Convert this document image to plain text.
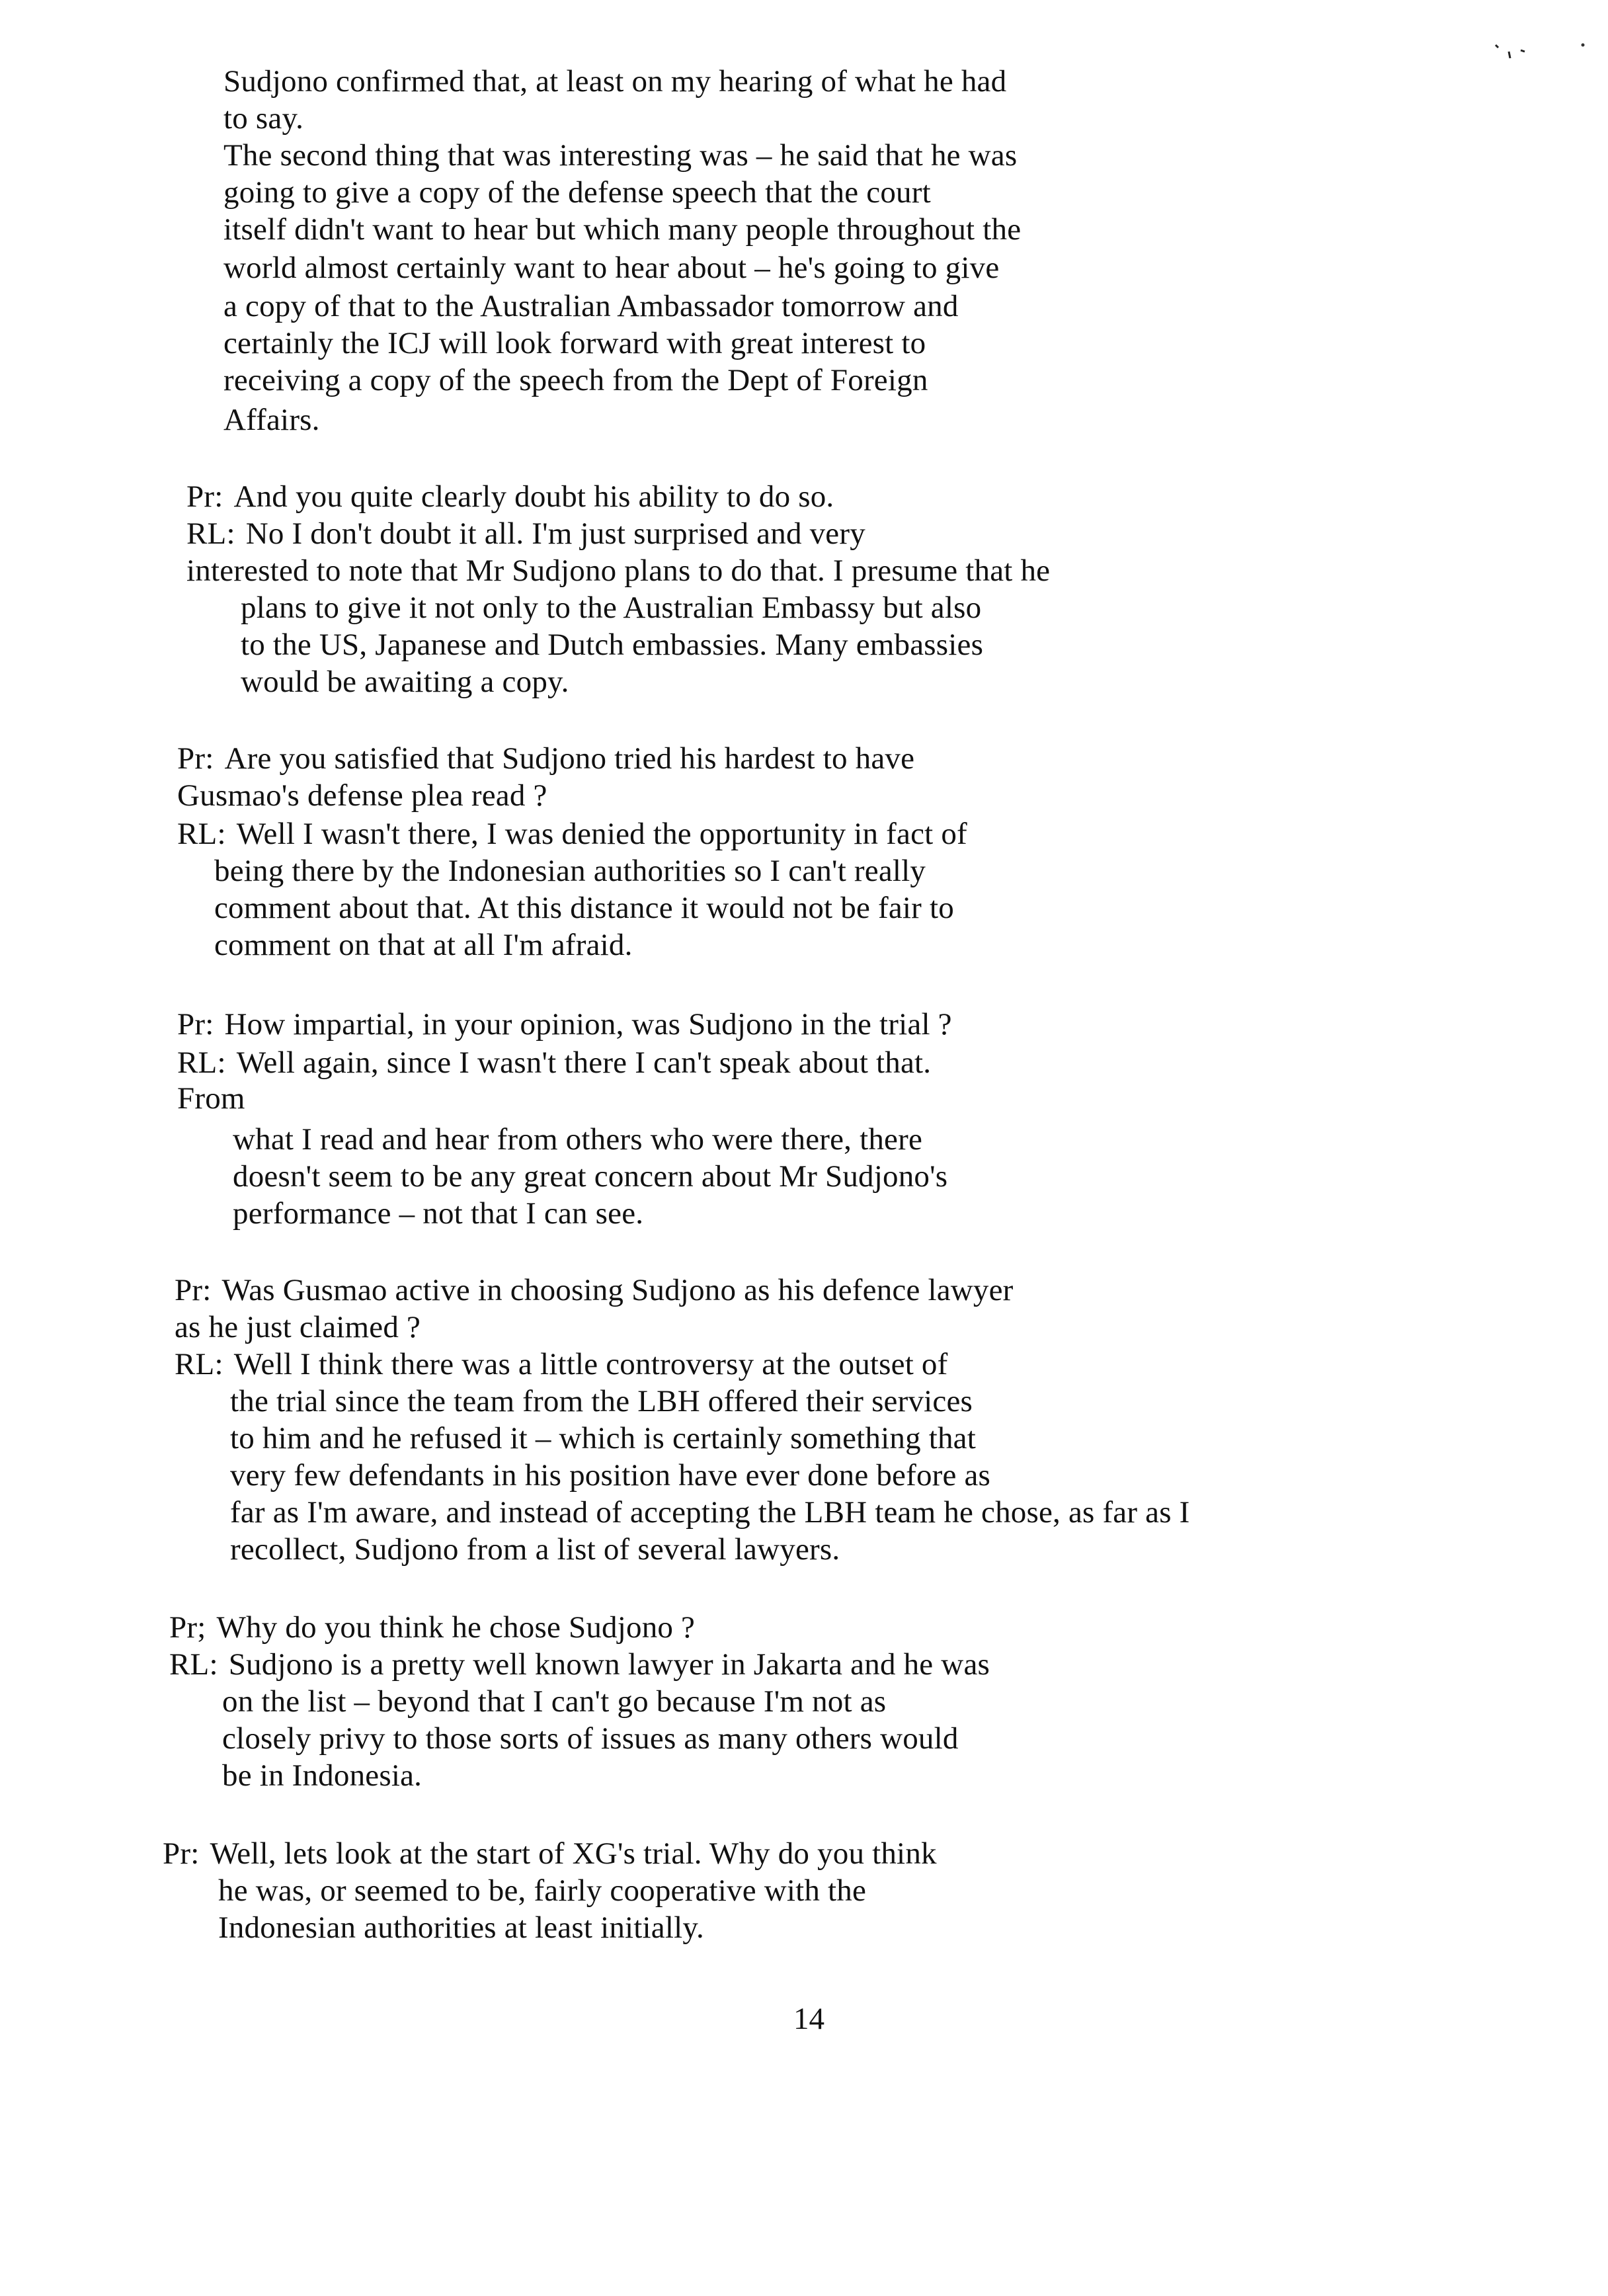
Sudjono confirmed that, at least on my hearing of what he had
to say.
The second thing that was interesting was – he said that he was
going to give a copy of the defense speech that the court
itself didn't want to hear but which many people throughout the
world almost certainly want to hear about – he's going to give
a copy of that to the Australian Ambassador tomorrow and
certainly the ICJ will look forward with great interest to
receiving a copy of the speech from the Dept of Foreign
Affairs.
Pr: And you quite clearly doubt his ability to do so.
RL: No I don't doubt it all. I'm just surprised and very
interested to note that Mr Sudjono plans to do that. I presume that he
plans to give it not only to the Australian Embassy but also
to the US, Japanese and Dutch embassies. Many embassies
would be awaiting a copy.
Pr: Are you satisfied that Sudjono tried his hardest to have
Gusmao's defense plea read ?
RL: Well I wasn't there, I was denied the opportunity in fact of
being there by the Indonesian authorities so I can't really
comment about that. At this distance it would not be fair to
comment on that at all I'm afraid.
Pr: How impartial, in your opinion, was Sudjono in the trial ?
RL: Well again, since I wasn't there I can't speak about that.
From
what I read and hear from others who were there, there
doesn't seem to be any great concern about Mr Sudjono's
performance – not that I can see.
Pr: Was Gusmao active in choosing Sudjono as his defence lawyer
as he just claimed ?
RL: Well I think there was a little controversy at the outset of
the trial since the team from the LBH offered their services
to him and he refused it – which is certainly something that
very few defendants in his position have ever done before as
far as I'm aware, and instead of accepting the LBH team he chose, as far as I
recollect, Sudjono from a list of several lawyers.
Pr; Why do you think he chose Sudjono ?
RL: Sudjono is a pretty well known lawyer in Jakarta and he was
on the list – beyond that I can't go because I'm not as
closely privy to those sorts of issues as many others would
be in Indonesia.
Pr: Well, lets look at the start of XG's trial. Why do you think
he was, or seemed to be, fairly cooperative with the
Indonesian authorities at least initially.
14
